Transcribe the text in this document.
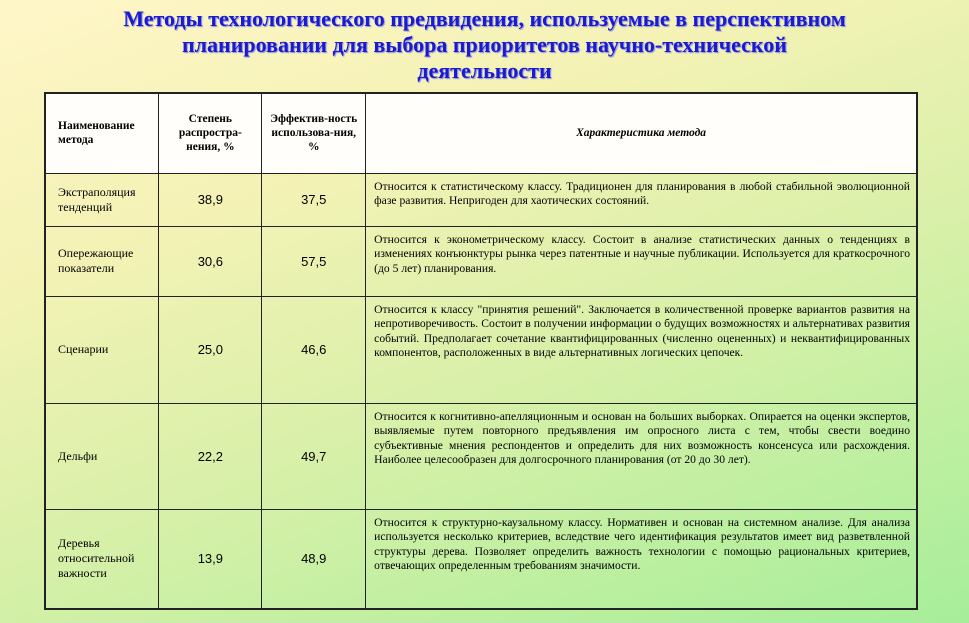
Методы технологического предвидения, используемые в перспективном
планировании для выбора приоритетов научно-технической
деятельности
Наименование метода	Степень распростра-нения, %	Эффектив-ность использова-ния, %	Характеристика метода

Экстраполяция тенденций	38,9	37,5	Относится к статистическому классу. Традиционен для планирования в любой стабильной эволюционной фазе развития. Непригоден для хаотических состояний.
Опережающие показатели	30,6	57,5	Относится к эконометрическому классу. Состоит в анализе статистических данных о тенденциях в изменениях конъюнктуры рынка через патентные и научные публикации. Используется для краткосрочного (до 5 лет) планирования.
Сценарии	25,0	46,6	Относится к классу "принятия решений". Заключается в количественной проверке вариантов развития на непротиворечивость. Состоит в получении информации о будущих возможностях и альтернативах развития событий. Предполагает сочетание квантифицированных (численно оцененных) и неквантифицированных компонентов, расположенных в виде альтернативных логических цепочек.
Дельфи	22,2	49,7	Относится к когнитивно-апелляционным и основан на больших выборках. Опирается на оценки экспертов, выявляемые путем повторного предъявления им опросного листа с тем, чтобы свести воедино субъективные мнения респондентов и определить для них возможность консенсуса или расхождения. Наиболее целесообразен для долгосрочного планирования (от 20 до 30 лет).
Деревья относительной важности	13,9	48,9	Относится к структурно-каузальному классу. Нормативен и основан на системном анализе. Для анализа используется несколько критериев, вследствие чего идентификация результатов имеет вид разветвленной структуры дерева. Позволяет определить важность технологии с помощью рациональных критериев, отвечающих определенным требованиям значимости.
